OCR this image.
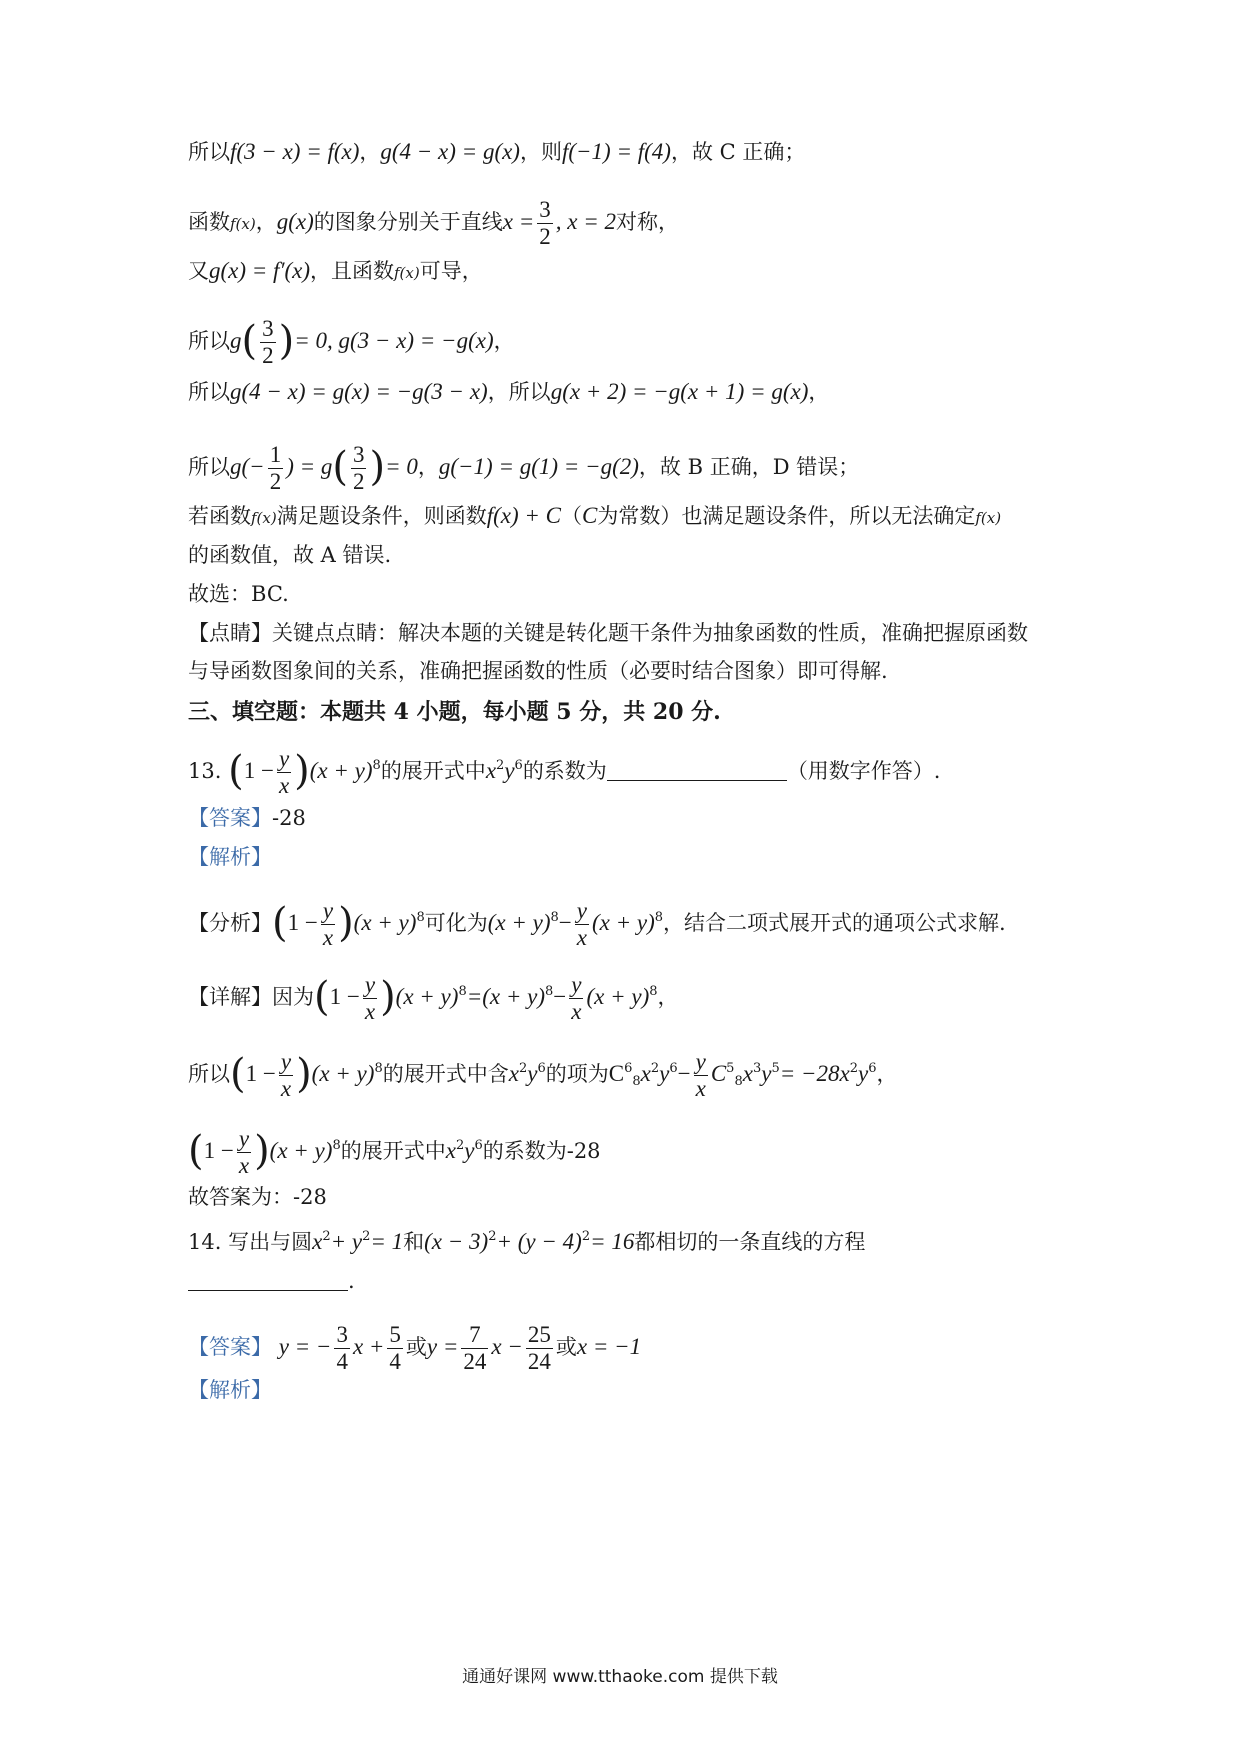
所以f(3 − x) = f(x)，g(4 − x) = g(x)，则f(−1) = f(4)，故 C 正确；
函数f(x)，g(x)的图象分别关于直线$x = \frac{3}{2}$ , x = 2对称，
又g(x) = f′(x)，且函数f(x)可导，
所以$g( \frac{3}{2}$ )= 0, g(3 − x) = −g(x)，
所以g(4 − x) = g(x) = −g(3 − x)，所以g(x + 2) = −g(x + 1) = g(x)，
所以$g(- \frac{1}{2}$ ) = $g( \frac{3}{2}$ )= 0，g(−1) = g(1) = −g(2)，故 B 正确，D 错误；
若函数f(x)满足题设条件，则函数f(x) + C（C为常数）也满足题设条件，所以无法确定f(x)
的函数值，故 A 错误.
故选：BC.
【点睛】关键点点睛：解决本题的关键是转化题干条件为抽象函数的性质，准确把握原函数
与导函数图象间的关系，准确把握函数的性质（必要时结合图象）即可得解.
三、填空题：本题共 4 小题，每小题 5 分，共 20 分.
13. $(1 - \frac{y}{x} )(x + y)^8$的展开式中$x^2y^6$的系数为	（用数字作答）.
【答案】-28
【解析】
【分析】$(1 - \frac{y}{x} )(x + y)^8$可化为$(x + y)^8- \frac{y}{x} (x + y)^8$，结合二项式展开式的通项公式求解.
【详解】因为$(1 - \frac{y}{x} )(x + y)^8=(x + y)^8- \frac{y}{x} (x + y)^8$，
所以$(1 - \frac{y}{x} )(x + y)^8$的展开式中含$x^2y^6$的项为$C^6_8x^2y^6- \frac{y}{x} C^5_8x^3y^5= -28x^2y^6$，
$(1 - \frac{y}{x} )(x + y)^8$的展开式中$x^2y^6$的系数为-28
故答案为：-28
14. 写出与圆$x^2+ y^2= 1$和$(x - 3)^2+ (y - 4)^2= 16$都相切的一条直线的方程
.
【答案】 y = − $\frac{3}{4}$ $x + \frac{5}{4}$ 或$y = \frac{7}{24}$ $x - \frac{25}{24}$ 或x = −1
【解析】
通通好课网 www.tthaoke.com 提供下载
